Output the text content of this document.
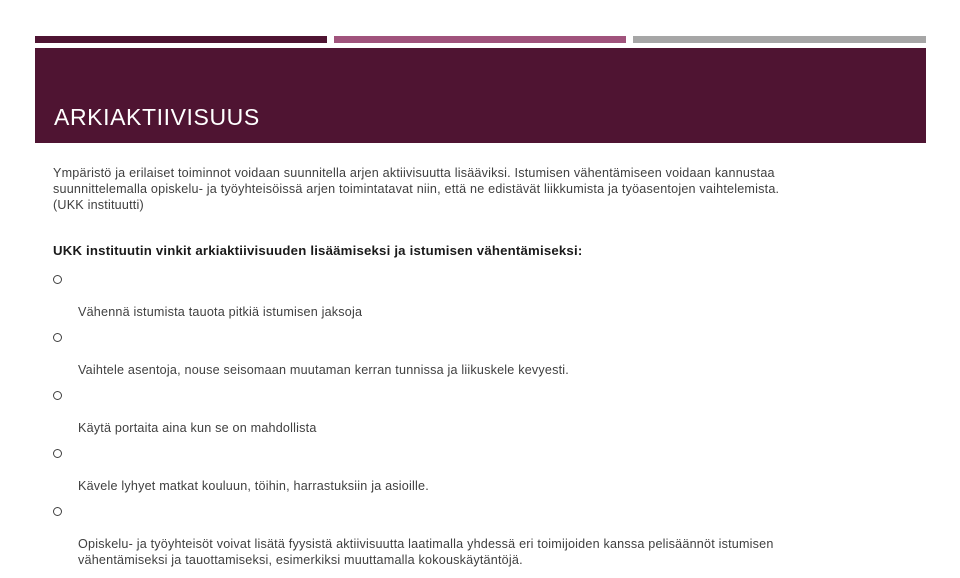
ARKIAKTIIVISUUS

Ympäristö ja erilaiset toiminnot voidaan suunnitella arjen aktiivisuutta lisääviksi. Istumisen vähentämiseen voidaan kannustaa
suunnittelemalla opiskelu- ja työyhteisöissä arjen toimintatavat niin, että ne edistävät liikkumista ja työasentojen vaihtelemista.
(UKK instituutti)

UKK instituutin vinkit arkiaktiivisuuden lisäämiseksi ja istumisen vähentämiseksi:

Vähennä istumista tauota pitkiä istumisen jaksoja

Vaihtele asentoja, nouse seisomaan muutaman kerran tunnissa ja liikuskele kevyesti.

Käytä portaita aina kun se on mahdollista

Kävele lyhyet matkat kouluun, töihin, harrastuksiin ja asioille.

Opiskelu- ja työyhteisöt voivat lisätä fyysistä aktiivisuutta laatimalla yhdessä eri toimijoiden kanssa pelisäännöt istumisen
vähentämiseksi ja tauottamiseksi, esimerkiksi muuttamalla kokouskäytäntöjä.
